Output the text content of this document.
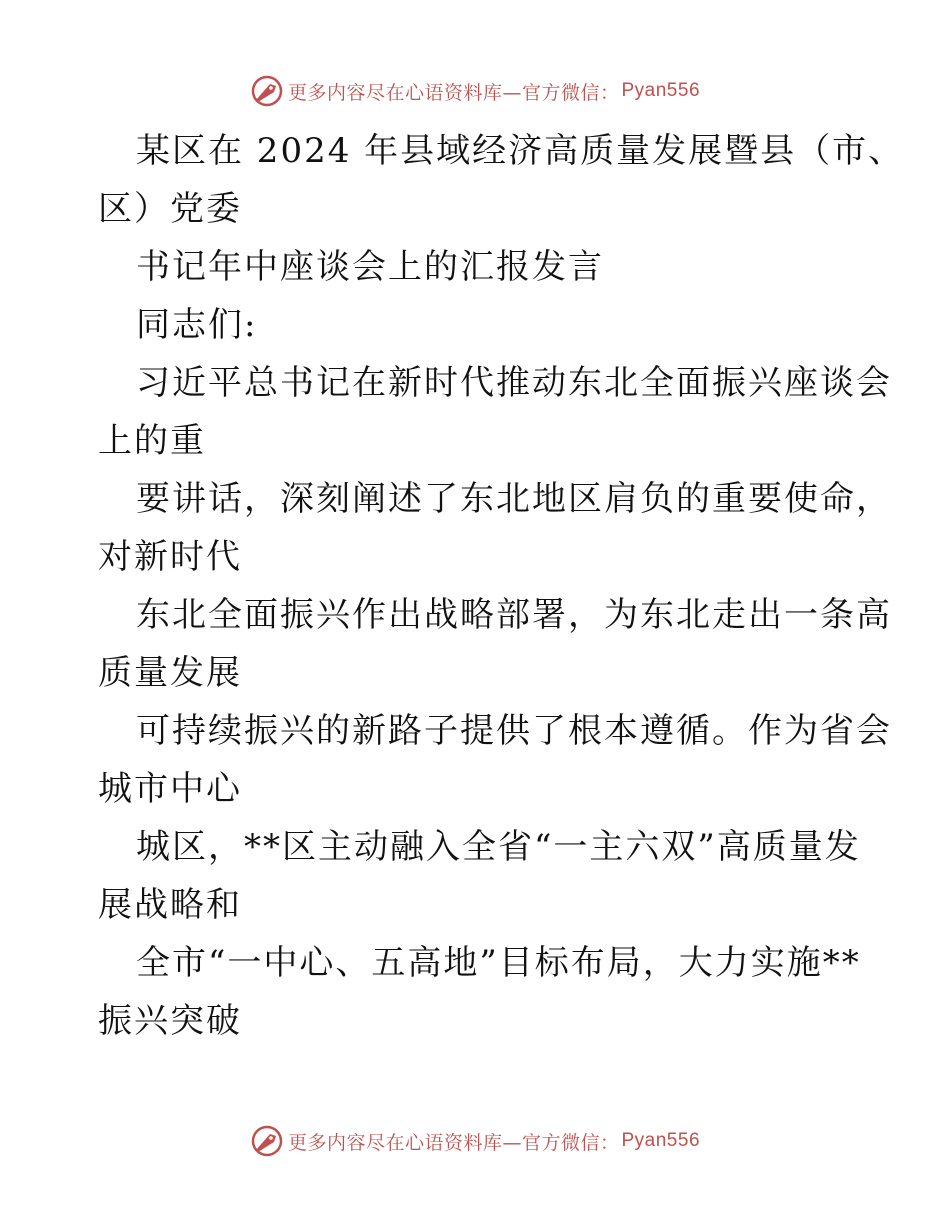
更多内容尽在心语资料库—官方微信： Pyan556

某区在 2024 年县域经济高质量发展暨县（市、

区）党委

书记年中座谈会上的汇报发言

同志们:

习近平总书记在新时代推动东北全面振兴座谈会

上的重

要讲话，深刻阐述了东北地区肩负的重要使命，

对新时代

东北全面振兴作出战略部署，为东北走出一条高

质量发展

可持续振兴的新路子提供了根本遵循。作为省会

城市中心

城区，**区主动融入全省“一主六双”高质量发

展战略和

全市“一中心、五高地”目标布局，大力实施**

振兴突破

更多内容尽在心语资料库—官方微信： Pyan556
